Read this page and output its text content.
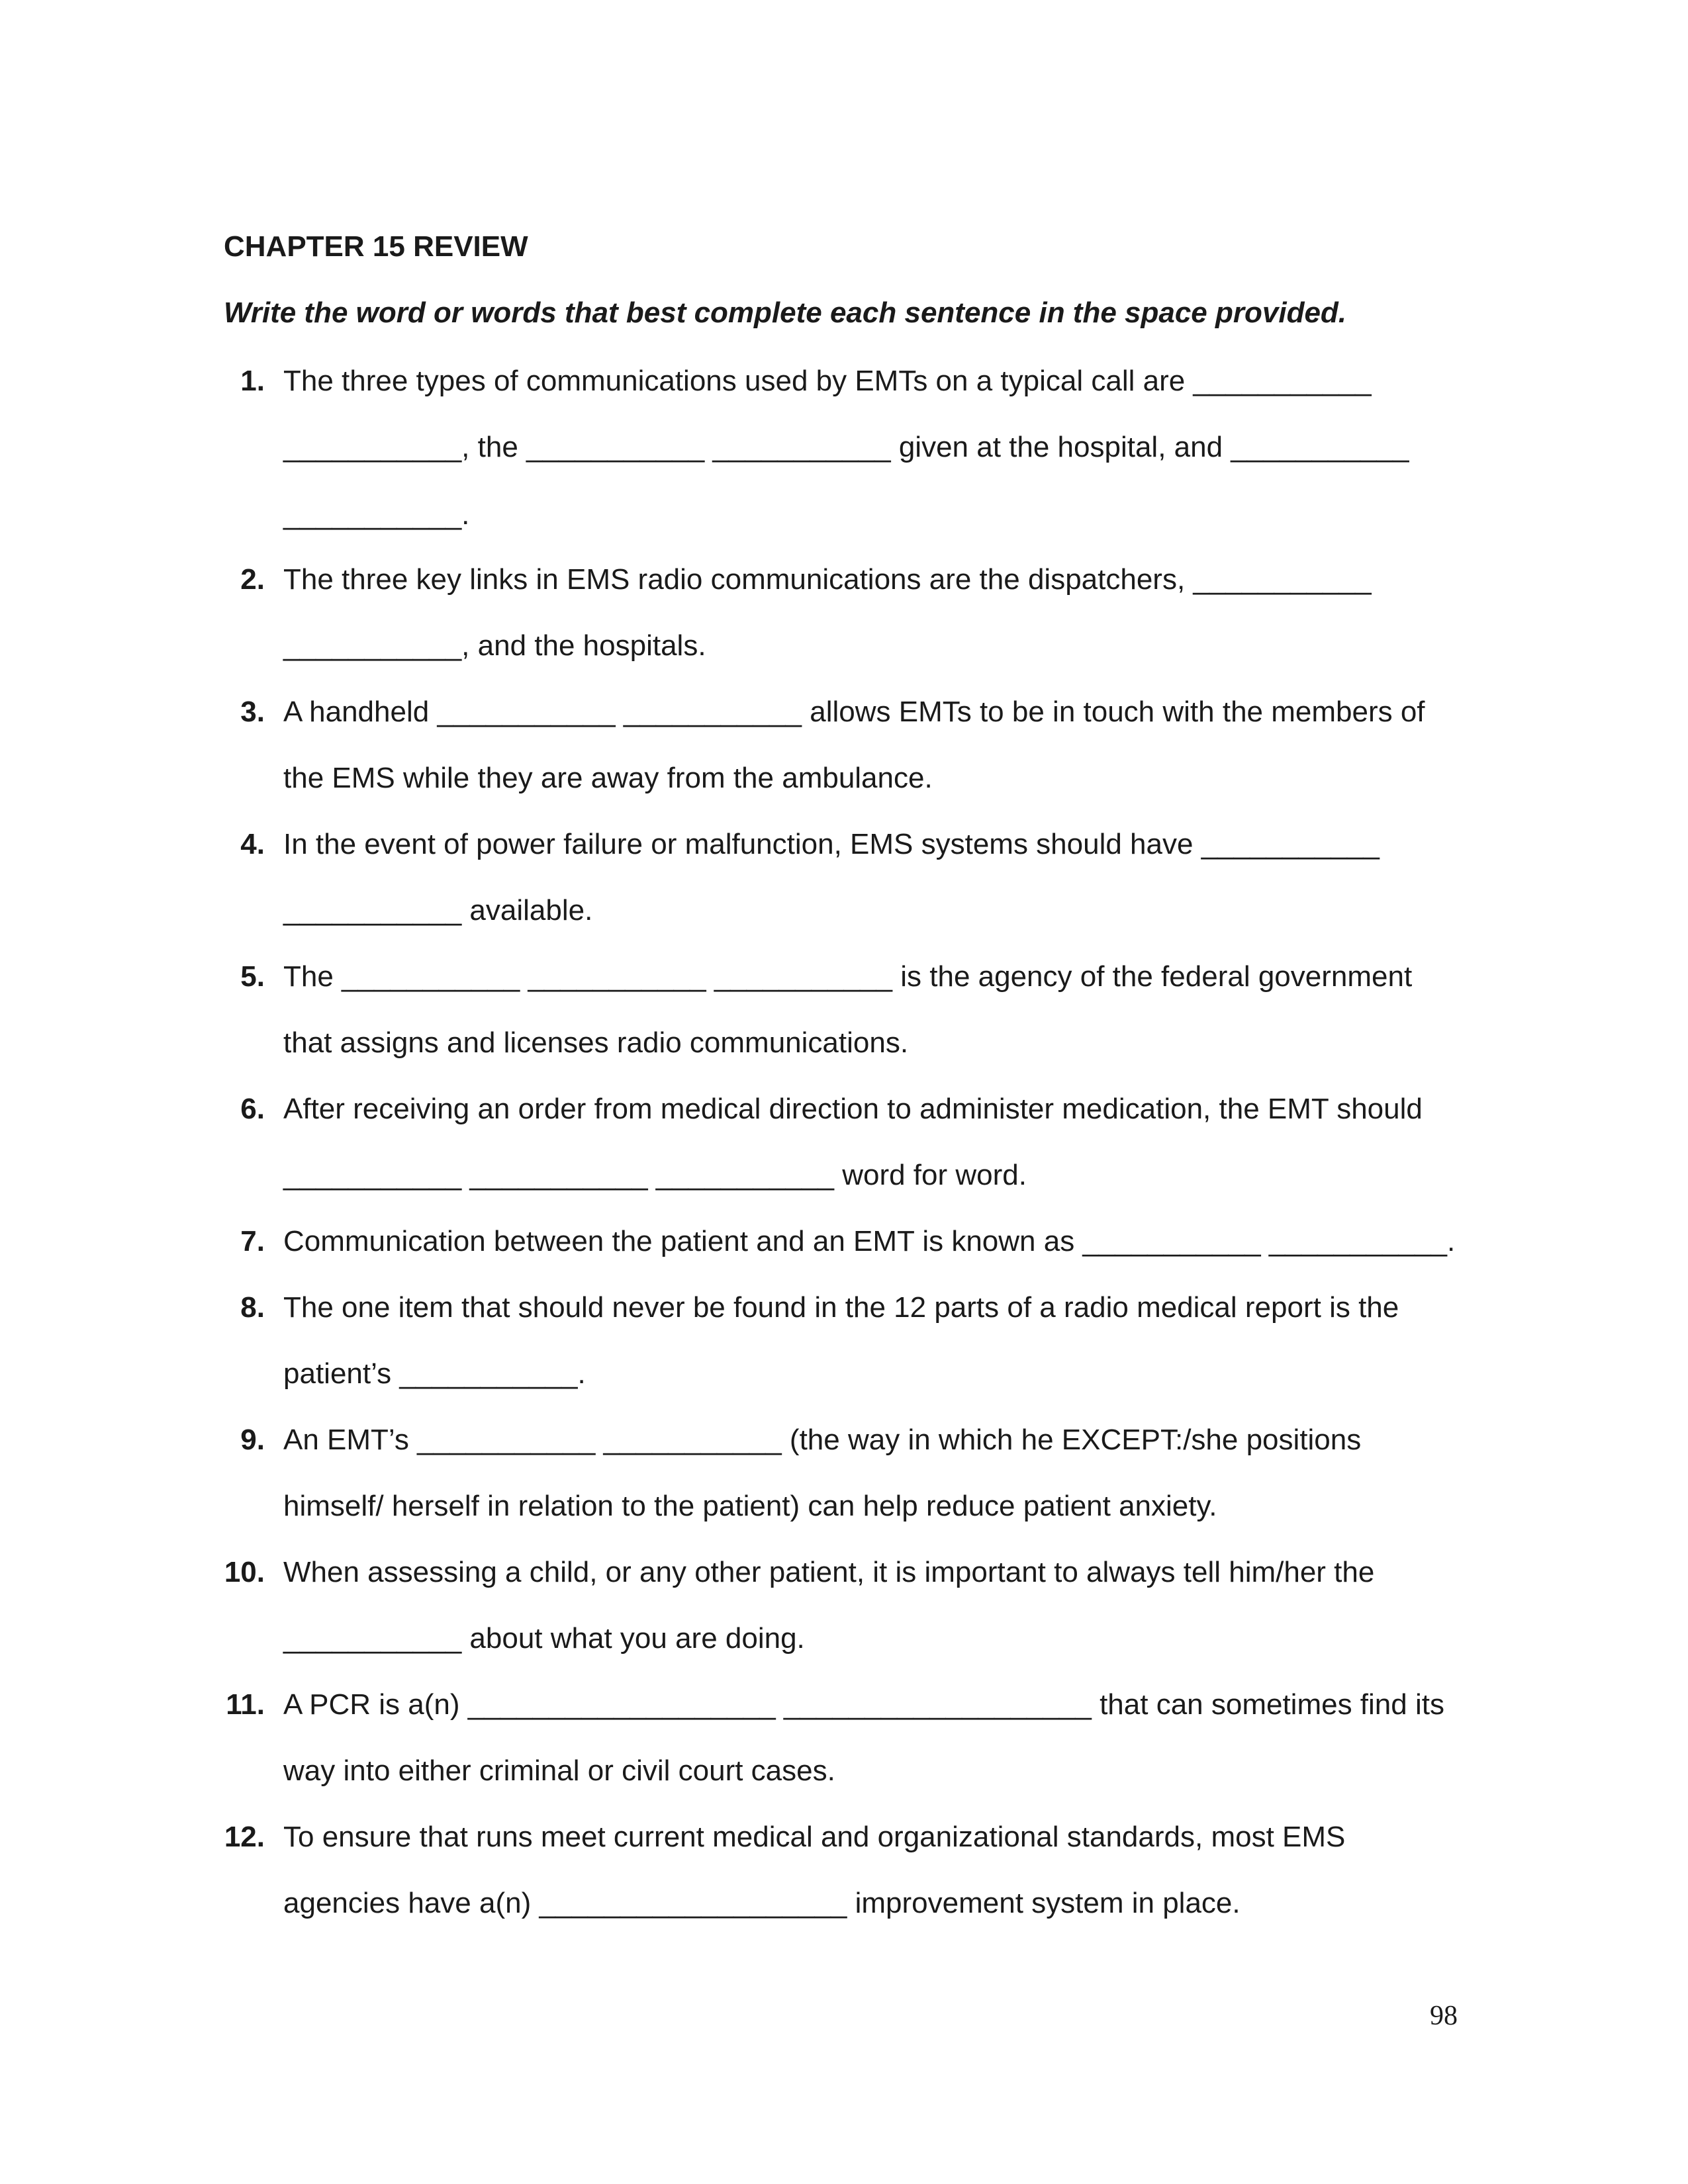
CHAPTER 15 REVIEW
Write the word or words that best complete each sentence in the space provided.
1. The three types of communications used by EMTs on a typical call are ___________
___________, the ___________ ___________ given at the hospital, and ___________
___________.
2. The three key links in EMS radio communications are the dispatchers, ___________
___________, and the hospitals.
3. A handheld ___________ ___________ allows EMTs to be in touch with the members of
the EMS while they are away from the ambulance.
4. In the event of power failure or malfunction, EMS systems should have ___________
___________ available.
5. The ___________ ___________ ___________ is the agency of the federal government
that assigns and licenses radio communications.
6. After receiving an order from medical direction to administer medication, the EMT should
___________ ___________ ___________ word for word.
7. Communication between the patient and an EMT is known as ___________ ___________.
8. The one item that should never be found in the 12 parts of a radio medical report is the
patient’s ___________.
9. An EMT’s ___________ ___________ (the way in which he EXCEPT:/she positions
himself/ herself in relation to the patient) can help reduce patient anxiety.
10. When assessing a child, or any other patient, it is important to always tell him/her the
___________ about what you are doing.
11. A PCR is a(n) ___________________ ___________________ that can sometimes find its
way into either criminal or civil court cases.
12. To ensure that runs meet current medical and organizational standards, most EMS
agencies have a(n) ___________________ improvement system in place.
98
